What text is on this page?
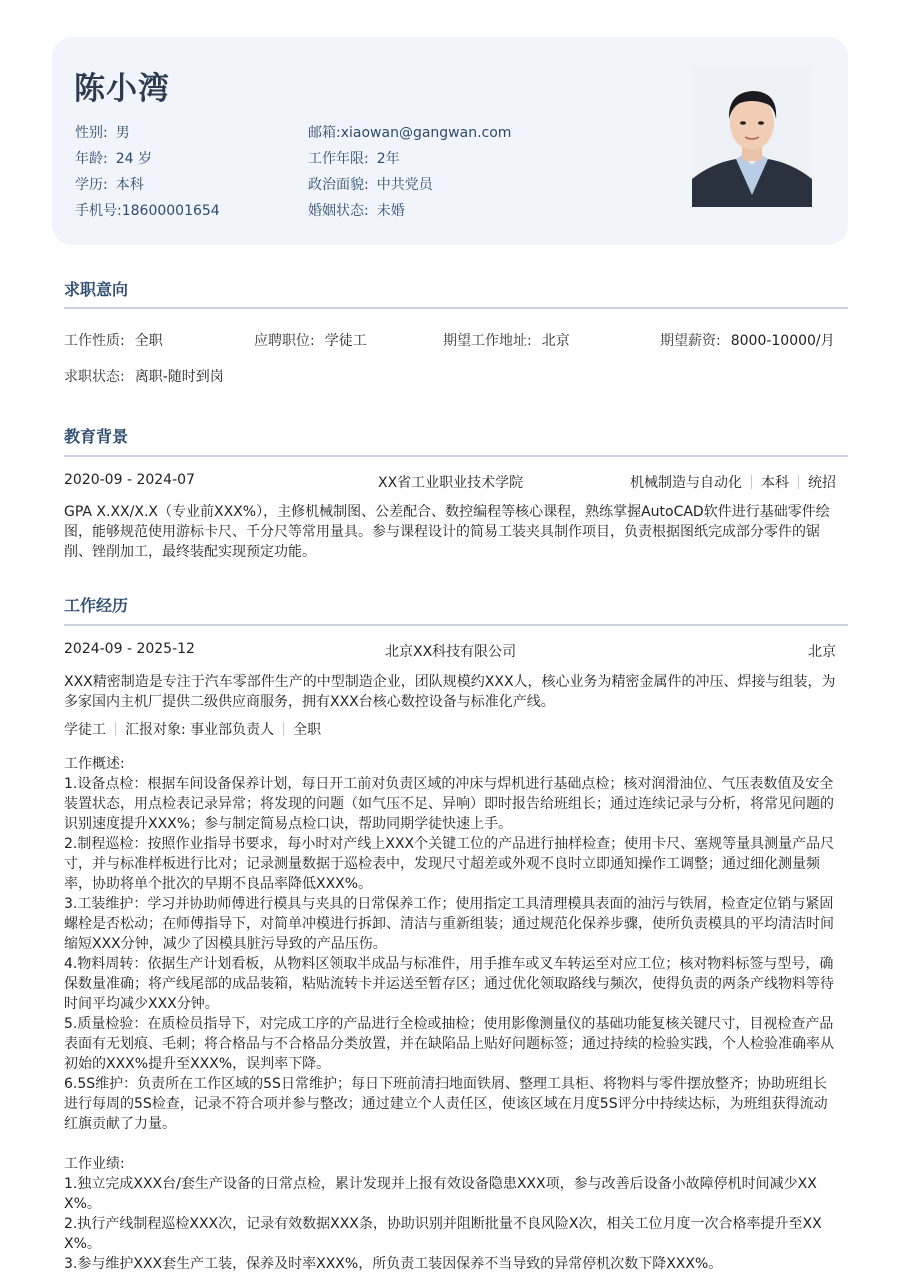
陈小湾
性别: 男
年龄: 24 岁
学历: 本科
手机号:18600001654
邮箱:xiaowan@gangwan.com
工作年限: 2年
政治面貌: 中共党员
婚姻状态: 未婚
求职意向
工作性质: 全职	应聘职位: 学徒工	期望工作地址: 北京	期望薪资: 8000-10000/月
求职状态: 离职-随时到岗
教育背景
2020-09 - 2024-07	XX省工业职业技术学院	机械制造与自动化 本科 统招
GPA X.XX/X.X（专业前XXX%），主修机械制图、公差配合、数控编程等核心课程，熟练掌握AutoCAD软件进行基础零件绘图，能够规范使用游标卡尺、千分尺等常用量具。参与课程设计的简易工装夹具制作项目，负责根据图纸完成部分零件的锯削、锉削加工，最终装配实现预定功能。
工作经历
2024-09 - 2025-12	北京XX科技有限公司	北京
XXX精密制造是专注于汽车零部件生产的中型制造企业，团队规模约XXX人，核心业务为精密金属件的冲压、焊接与组装，为多家国内主机厂提供二级供应商服务，拥有XXX台核心数控设备与标准化产线。
学徒工 汇报对象: 事业部负责人 全职
工作概述:
1.设备点检：根据车间设备保养计划，每日开工前对负责区域的冲床与焊机进行基础点检；核对润滑油位、气压表数值及安全装置状态，用点检表记录异常；将发现的问题（如气压不足、异响）即时报告给班组长；通过连续记录与分析，将常见问题的识别速度提升XXX%；参与制定简易点检口诀，帮助同期学徒快速上手。
2.制程巡检：按照作业指导书要求，每小时对产线上XXX个关键工位的产品进行抽样检查；使用卡尺、塞规等量具测量产品尺寸，并与标准样板进行比对；记录测量数据于巡检表中，发现尺寸超差或外观不良时立即通知操作工调整；通过细化测量频率，协助将单个批次的早期不良品率降低XXX%。
3.工装维护：学习并协助师傅进行模具与夹具的日常保养工作；使用指定工具清理模具表面的油污与铁屑，检查定位销与紧固螺栓是否松动；在师傅指导下，对简单冲模进行拆卸、清洁与重新组装；通过规范化保养步骤，使所负责模具的平均清洁时间缩短XXX分钟，减少了因模具脏污导致的产品压伤。
4.物料周转：依据生产计划看板，从物料区领取半成品与标准件，用手推车或叉车转运至对应工位；核对物料标签与型号，确保数量准确；将产线尾部的成品装箱，粘贴流转卡并运送至暂存区；通过优化领取路线与频次，使得负责的两条产线物料等待时间平均减少XXX分钟。
5.质量检验：在质检员指导下，对完成工序的产品进行全检或抽检；使用影像测量仪的基础功能复核关键尺寸，目视检查产品表面有无划痕、毛刺；将合格品与不合格品分类放置，并在缺陷品上贴好问题标签；通过持续的检验实践，个人检验准确率从初始的XXX%提升至XXX%，误判率下降。
6.5S维护：负责所在工作区域的5S日常维护；每日下班前清扫地面铁屑、整理工具柜、将物料与零件摆放整齐；协助班组长进行每周的5S检查，记录不符合项并参与整改；通过建立个人责任区，使该区域在月度5S评分中持续达标，为班组获得流动红旗贡献了力量。
工作业绩:
1.独立完成XXX台/套生产设备的日常点检，累计发现并上报有效设备隐患XXX项，参与改善后设备小故障停机时间减少XXX%。
2.执行产线制程巡检XXX次，记录有效数据XXX条，协助识别并阻断批量不良风险X次，相关工位月度一次合格率提升至XXX%。
3.参与维护XXX套生产工装，保养及时率XXX%，所负责工装因保养不当导致的异常停机次数下降XXX%。
